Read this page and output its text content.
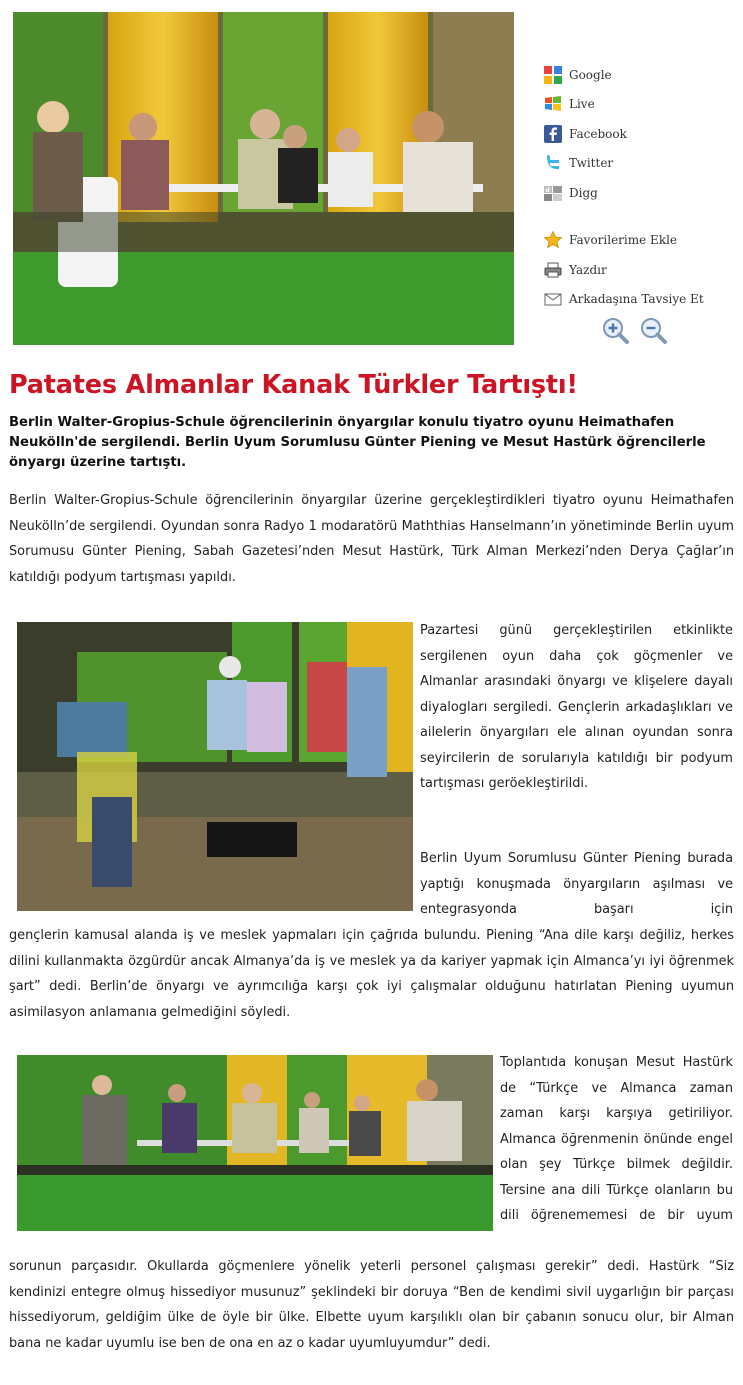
Google
Live
Facebook
Twitter
d Digg
Favorilerime Ekle
Yazdır
Arkadaşına Tavsiye Et
Patates Almanlar Kanak Türkler Tartıştı!

Berlin Walter-Gropius-Schule öğrencilerinin önyargılar konulu tiyatro oyunu Heimathafen Neukölln'de sergilendi. Berlin Uyum Sorumlusu Günter Piening ve Mesut Hastürk öğrencilerle önyargı üzerine tartıştı.

Berlin Walter-Gropius-Schule öğrencilerinin önyargılar üzerine gerçekleştirdikleri tiyatro oyunu Heimathafen Neukölln’de sergilendi. Oyundan sonra Radyo 1 modaratörü Maththias Hanselmann’ın yönetiminde Berlin uyum Sorumusu Günter Piening, Sabah Gazetesi’nden Mesut Hastürk, Türk Alman Merkezi’nden Derya Çağlar’ın katıldığı podyum tartışması yapıldı.

Pazartesi günü gerçekleştirilen etkinlikte sergilenen oyun daha çok göçmenler ve Almanlar arasındaki önyargı ve klişelere dayalı diyalogları sergiledi. Gençlerin arkadaşlıkları ve ailelerin önyargıları ele alınan oyundan sonra seyircilerin de sorularıyla katıldığı bir podyum tartışması geröekleştirildi.

Berlin Uyum Sorumlusu Günter Piening burada yaptığı konuşmada önyargıların aşılması ve entegrasyonda başarı için

gençlerin kamusal alanda iş ve meslek yapmaları için çağrıda bulundu. Piening “Ana dile karşı değiliz, herkes dilini kullanmakta özgürdür ancak Almanya’da iş ve meslek ya da kariyer yapmak için Almanca’yı iyi öğrenmek şart” dedi. Berlin’de önyargı ve ayrımcılığa karşı çok iyi çalışmalar olduğunu hatırlatan Piening uyumun asimilasyon anlamanıa gelmediğini söyledi.

Toplantıda konuşan Mesut Hastürk de “Türkçe ve Almanca zaman zaman karşı karşıya getiriliyor. Almanca öğrenmenin önünde engel olan şey Türkçe bilmek değildir. Tersine ana dili Türkçe olanların bu dili öğrenememesi de bir uyum

sorunun parçasıdır. Okullarda göçmenlere yönelik yeterli personel çalışması gerekir” dedi. Hastürk “Siz kendinizi entegre olmuş hissediyor musunuz” şeklindeki bir doruya “Ben de kendimi sivil uygarlığın bir parçası hissediyorum, geldiğim ülke de öyle bir ülke. Elbette uyum karşılıklı olan bir çabanın sonucu olur, bir Alman bana ne kadar uyumlu ise ben de ona en az o kadar uyumluyumdur” dedi.
